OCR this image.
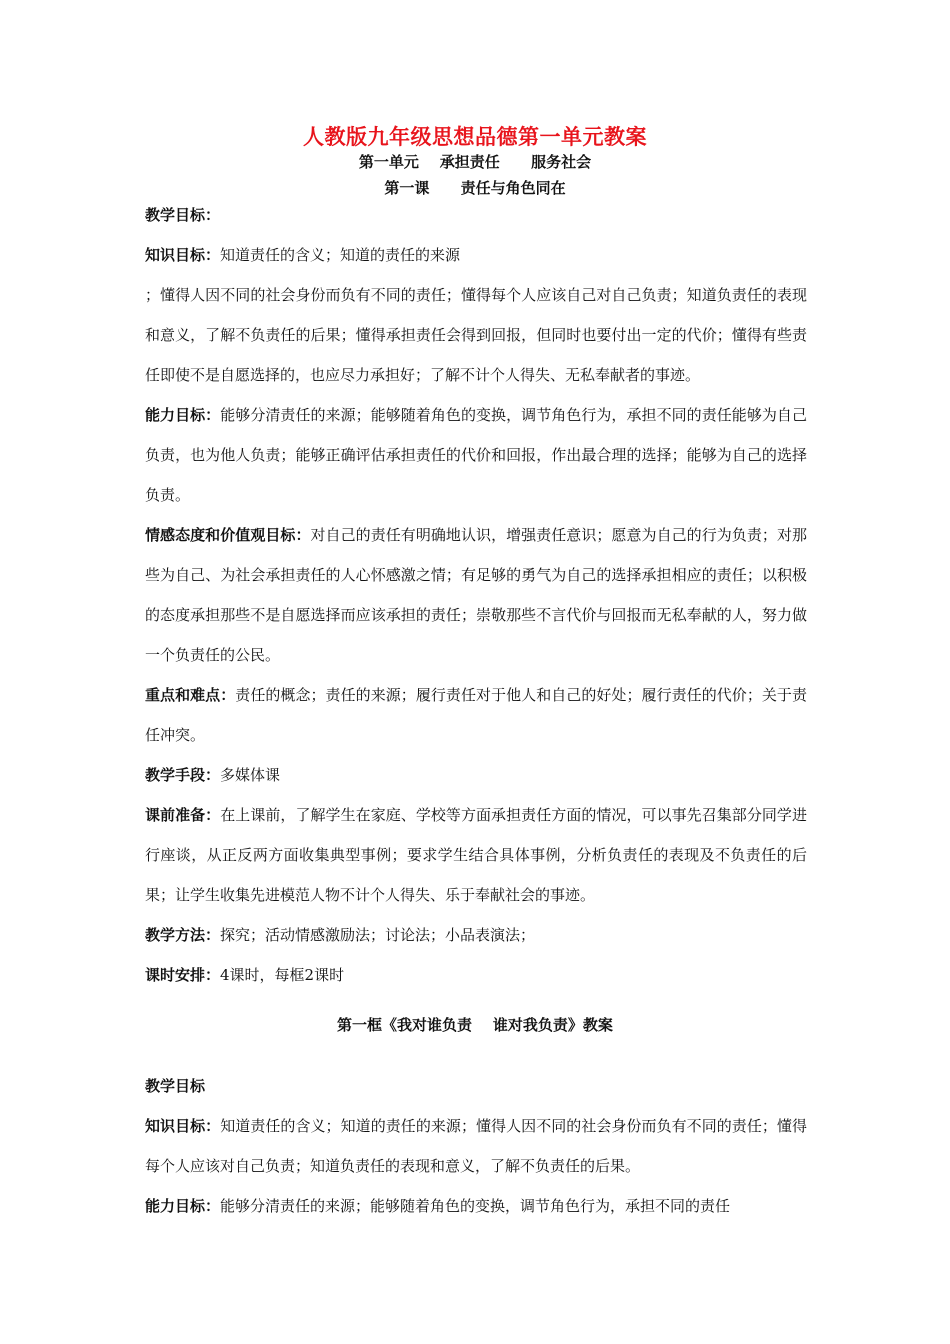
人教版九年级思想品德第一单元教案
第一单元    承担责任      服务社会
第一课      责任与角色同在

教学目标：

知识目标：知道责任的含义；知道的责任的来源

；懂得人因不同的社会身份而负有不同的责任；懂得每个人应该自己对自己负责；知道负责任的表现和意义，了解不负责任的后果；懂得承担责任会得到回报，但同时也要付出一定的代价；懂得有些责任即使不是自愿选择的，也应尽力承担好；了解不计个人得失、无私奉献者的事迹。

能力目标：能够分清责任的来源；能够随着角色的变换，调节角色行为，承担不同的责任能够为自己负责，也为他人负责；能够正确评估承担责任的代价和回报，作出最合理的选择；能够为自己的选择负责。

情感态度和价值观目标：对自己的责任有明确地认识，增强责任意识；愿意为自己的行为负责；对那些为自己、为社会承担责任的人心怀感激之情；有足够的勇气为自己的选择承担相应的责任；以积极的态度承担那些不是自愿选择而应该承担的责任；崇敬那些不言代价与回报而无私奉献的人，努力做一个负责任的公民。

重点和难点：责任的概念；责任的来源；履行责任对于他人和自己的好处；履行责任的代价；关于责任冲突。

教学手段：多媒体课

课前准备：在上课前，了解学生在家庭、学校等方面承担责任方面的情况，可以事先召集部分同学进行座谈，从正反两方面收集典型事例；要求学生结合具体事例，分析负责任的表现及不负责任的后果；让学生收集先进模范人物不计个人得失、乐于奉献社会的事迹。

教学方法：探究；活动情感激励法；讨论法；小品表演法；

课时安排：4课时，每框2课时

第一框《我对谁负责    谁对我负责》教案

教学目标

知识目标：知道责任的含义；知道的责任的来源；懂得人因不同的社会身份而负有不同的责任；懂得每个人应该对自己负责；知道负责任的表现和意义，了解不负责任的后果。

能力目标：能够分清责任的来源；能够随着角色的变换，调节角色行为，承担不同的责任
